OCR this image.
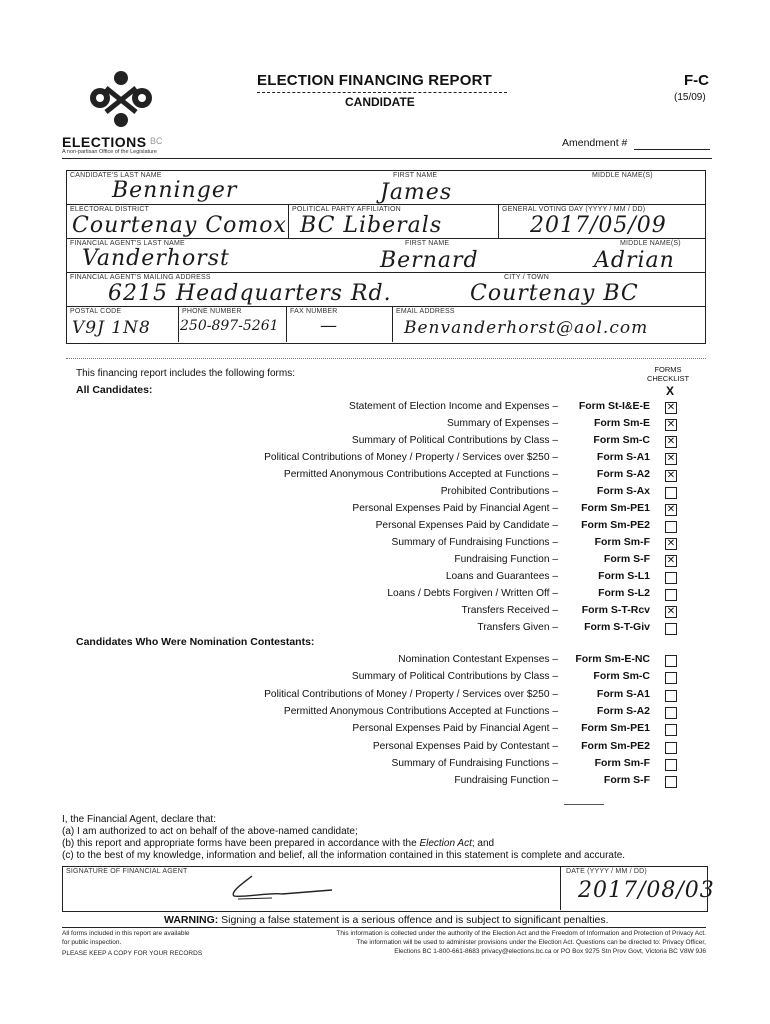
ELECTIONS BC
A non-partisan Office of the Legislature
ELECTION FINANCING REPORT
CANDIDATE
F-C
(15/09)
Amendment #
CANDIDATE'S LAST NAME
Benninger
FIRST NAME
James
MIDDLE NAME(S)
ELECTORAL DISTRICT
Courtenay Comox
POLITICAL PARTY AFFILIATION
BC Liberals
GENERAL VOTING DAY (YYYY / MM / DD)
2017/05/09
FINANCIAL AGENT'S LAST NAME
Vanderhorst
FIRST NAME
Bernard
MIDDLE NAME(S)
Adrian
FINANCIAL AGENT'S MAILING ADDRESS
6215 Headquarters Rd.
CITY / TOWN
Courtenay BC
POSTAL CODE
V9J 1N8
PHONE NUMBER
250-897-5261
FAX NUMBER
—
EMAIL ADDRESS
Benvanderhorst@aol.com
This financing report includes the following forms:	FORMS CHECKLIST
X
All Candidates:
Statement of Election Income and Expenses –	Form St-I&E-E ✕
Summary of Expenses –	Form Sm-E ✕
Summary of Political Contributions by Class –	Form Sm-C ✕
Political Contributions of Money / Property / Services over $250 –	Form S-A1 ✕
Permitted Anonymous Contributions Accepted at Functions –	Form S-A2 ✕
Prohibited Contributions –	Form S-Ax
Personal Expenses Paid by Financial Agent –	Form Sm-PE1 ✕
Personal Expenses Paid by Candidate –	Form Sm-PE2
Summary of Fundraising Functions –	Form Sm-F ✕
Fundraising Function –	Form S-F ✕
Loans and Guarantees –	Form S-L1
Loans / Debts Forgiven / Written Off –	Form S-L2
Transfers Received –	Form S-T-Rcv ✕
Transfers Given –	Form S-T-Giv
Candidates Who Were Nomination Contestants:
Nomination Contestant Expenses –	Form Sm-E-NC
Summary of Political Contributions by Class –	Form Sm-C
Political Contributions of Money / Property / Services over $250 –	Form S-A1
Permitted Anonymous Contributions Accepted at Functions –	Form S-A2
Personal Expenses Paid by Financial Agent –	Form Sm-PE1
Personal Expenses Paid by Contestant –	Form Sm-PE2
Summary of Fundraising Functions –	Form Sm-F
Fundraising Function –	Form S-F
I, the Financial Agent, declare that:
(a) I am authorized to act on behalf of the above-named candidate;
(b) this report and appropriate forms have been prepared in accordance with the Election Act; and
(c) to the best of my knowledge, information and belief, all the information contained in this statement is complete and accurate.
SIGNATURE OF FINANCIAL AGENT	DATE (YYYY / MM / DD)
2017/08/03
WARNING: Signing a false statement is a serious offence and is subject to significant penalties.
All forms included in this report are available
for public inspection.
PLEASE KEEP A COPY FOR YOUR RECORDS
This information is collected under the authority of the Election Act and the Freedom of Information and Protection of Privacy Act.
The information will be used to administer provisions under the Election Act. Questions can be directed to: Privacy Officer,
Elections BC 1-800-661-8683 privacy@elections.bc.ca or PO Box 9275 Stn Prov Govt, Victoria BC V8W 9J6
